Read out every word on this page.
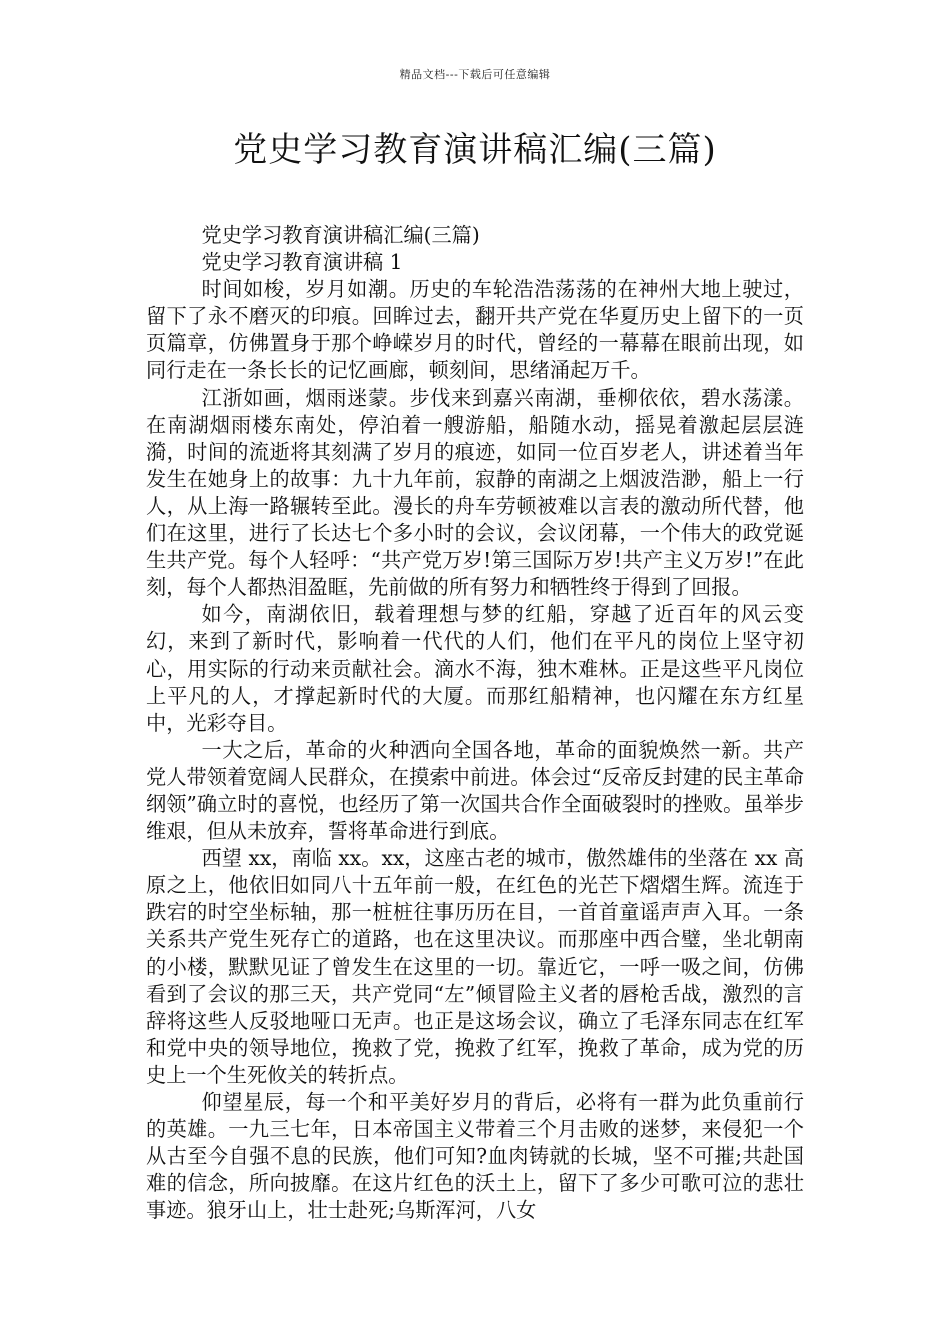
精品文档---下载后可任意编辑
党史学习教育演讲稿汇编(三篇)

党史学习教育演讲稿汇编(三篇)

党史学习教育演讲稿 1

时间如梭，岁月如潮。历史的车轮浩浩荡荡的在神州大地上驶过，留下了永不磨灭的印痕。回眸过去，翻开共产党在华夏历史上留下的一页页篇章，仿佛置身于那个峥嵘岁月的时代，曾经的一幕幕在眼前出现，如同行走在一条长长的记忆画廊，顿刻间，思绪涌起万千。

江浙如画，烟雨迷蒙。步伐来到嘉兴南湖，垂柳依依，碧水荡漾。在南湖烟雨楼东南处，停泊着一艘游船，船随水动，摇晃着激起层层涟漪，时间的流逝将其刻满了岁月的痕迹，如同一位百岁老人，讲述着当年发生在她身上的故事：九十九年前，寂静的南湖之上烟波浩渺，船上一行人，从上海一路辗转至此。漫长的舟车劳顿被难以言表的激动所代替，他们在这里，进行了长达七个多小时的会议，会议闭幕，一个伟大的政党诞生共产党。每个人轻呼：“共产党万岁!第三国际万岁!共产主义万岁!”在此刻，每个人都热泪盈眶，先前做的所有努力和牺牲终于得到了回报。

如今，南湖依旧，载着理想与梦的红船，穿越了近百年的风云变幻，来到了新时代，影响着一代代的人们，他们在平凡的岗位上坚守初心，用实际的行动来贡献社会。滴水不海，独木难林。正是这些平凡岗位上平凡的人，才撑起新时代的大厦。而那红船精神，也闪耀在东方红星中，光彩夺目。

一大之后，革命的火种洒向全国各地，革命的面貌焕然一新。共产党人带领着宽阔人民群众，在摸索中前进。体会过“反帝反封建的民主革命纲领”确立时的喜悦，也经历了第一次国共合作全面破裂时的挫败。虽举步维艰，但从未放弃，誓将革命进行到底。

西望 xx，南临 xx。xx，这座古老的城市，傲然雄伟的坐落在 xx 高原之上，他依旧如同八十五年前一般，在红色的光芒下熠熠生辉。流连于跌宕的时空坐标轴，那一桩桩往事历历在目，一首首童谣声声入耳。一条关系共产党生死存亡的道路，也在这里决议。而那座中西合璧，坐北朝南的小楼，默默见证了曾发生在这里的一切。靠近它，一呼一吸之间，仿佛看到了会议的那三天，共产党同“左”倾冒险主义者的唇枪舌战，激烈的言辞将这些人反驳地哑口无声。也正是这场会议，确立了毛泽东同志在红军和党中央的领导地位，挽救了党，挽救了红军，挽救了革命，成为党的历史上一个生死攸关的转折点。

仰望星辰，每一个和平美好岁月的背后，必将有一群为此负重前行的英雄。一九三七年，日本帝国主义带着三个月击败的迷梦，来侵犯一个从古至今自强不息的民族，他们可知?血肉铸就的长城，坚不可摧;共赴国难的信念，所向披靡。在这片红色的沃土上，留下了多少可歌可泣的悲壮事迹。狼牙山上，壮士赴死;乌斯浑河，八女
